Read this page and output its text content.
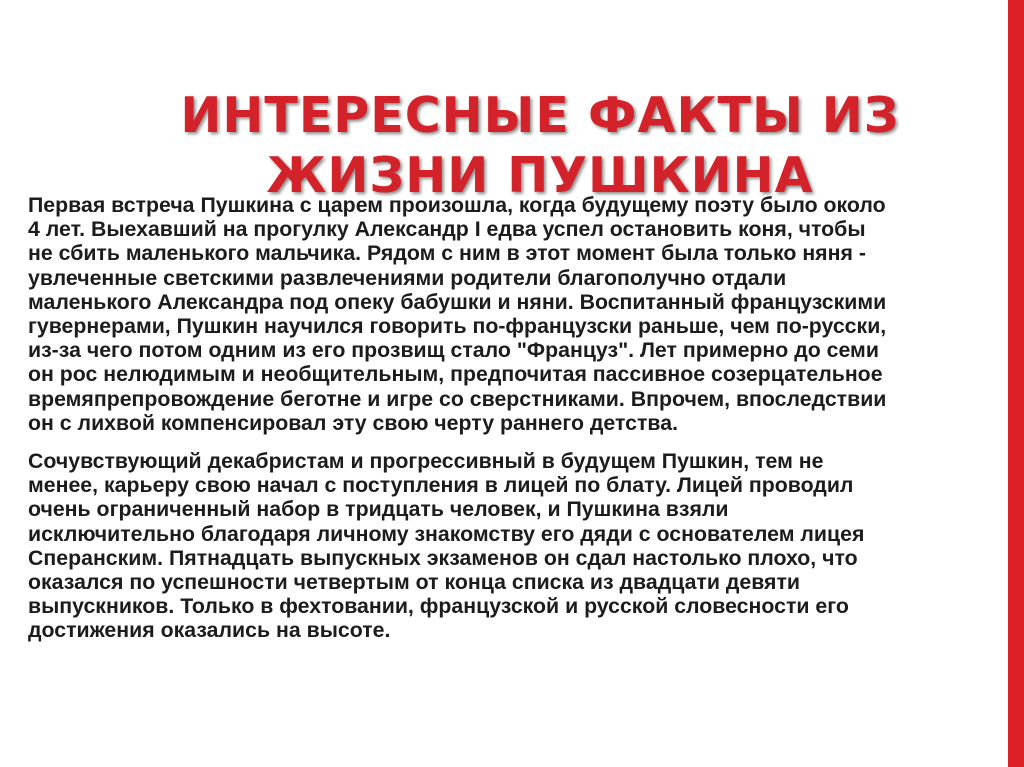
ИНТЕРЕСНЫЕ ФАКТЫ ИЗ
ЖИЗНИ ПУШКИНА

Первая встреча Пушкина с царем произошла, когда будущему поэту было около
4 лет. Выехавший на прогулку Александр I едва успел остановить коня, чтобы
не сбить маленького мальчика. Рядом с ним в этот момент была только няня -
увлеченные светскими развлечениями родители благополучно отдали
маленького Александра под опеку бабушки и няни. Воспитанный французскими
гувернерами, Пушкин научился говорить по-французски раньше, чем по-русски,
из-за чего потом одним из его прозвищ стало "Француз". Лет примерно до семи
он рос нелюдимым и необщительным, предпочитая пассивное созерцательное
времяпрепровождение беготне и игре со сверстниками. Впрочем, впоследствии
он с лихвой компенсировал эту свою черту раннего детства.

Сочувствующий декабристам и прогрессивный в будущем Пушкин, тем не
менее, карьеру свою начал с поступления в лицей по блату. Лицей проводил
очень ограниченный набор в тридцать человек, и Пушкина взяли
исключительно благодаря личному знакомству его дяди с основателем лицея
Сперанским. Пятнадцать выпускных экзаменов он сдал настолько плохо, что
оказался по успешности четвертым от конца списка из двадцати девяти
выпускников. Только в фехтовании, французской и русской словесности его
достижения оказались на высоте.
